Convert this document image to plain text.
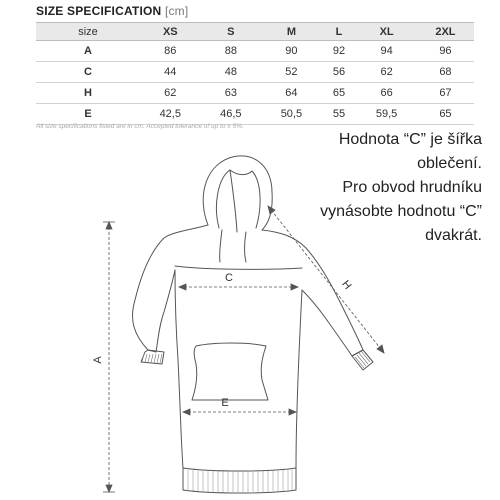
SIZE SPECIFICATION [cm]
size	XS	S	M	L	XL	2XL
A	86	88	90	92	94	96
C	44	48	52	56	62	68
H	62	63	64	65	66	67
E	42,5	46,5	50,5	55	59,5	65
All size specifications listed are in cm. Accepted tolerance of up to ± 5%.
A
C
E
H
Hodnota “C” je šířka
oblečení.
Pro obvod hrudníku
vynásobte hodnotu “C”
dvakrát.
